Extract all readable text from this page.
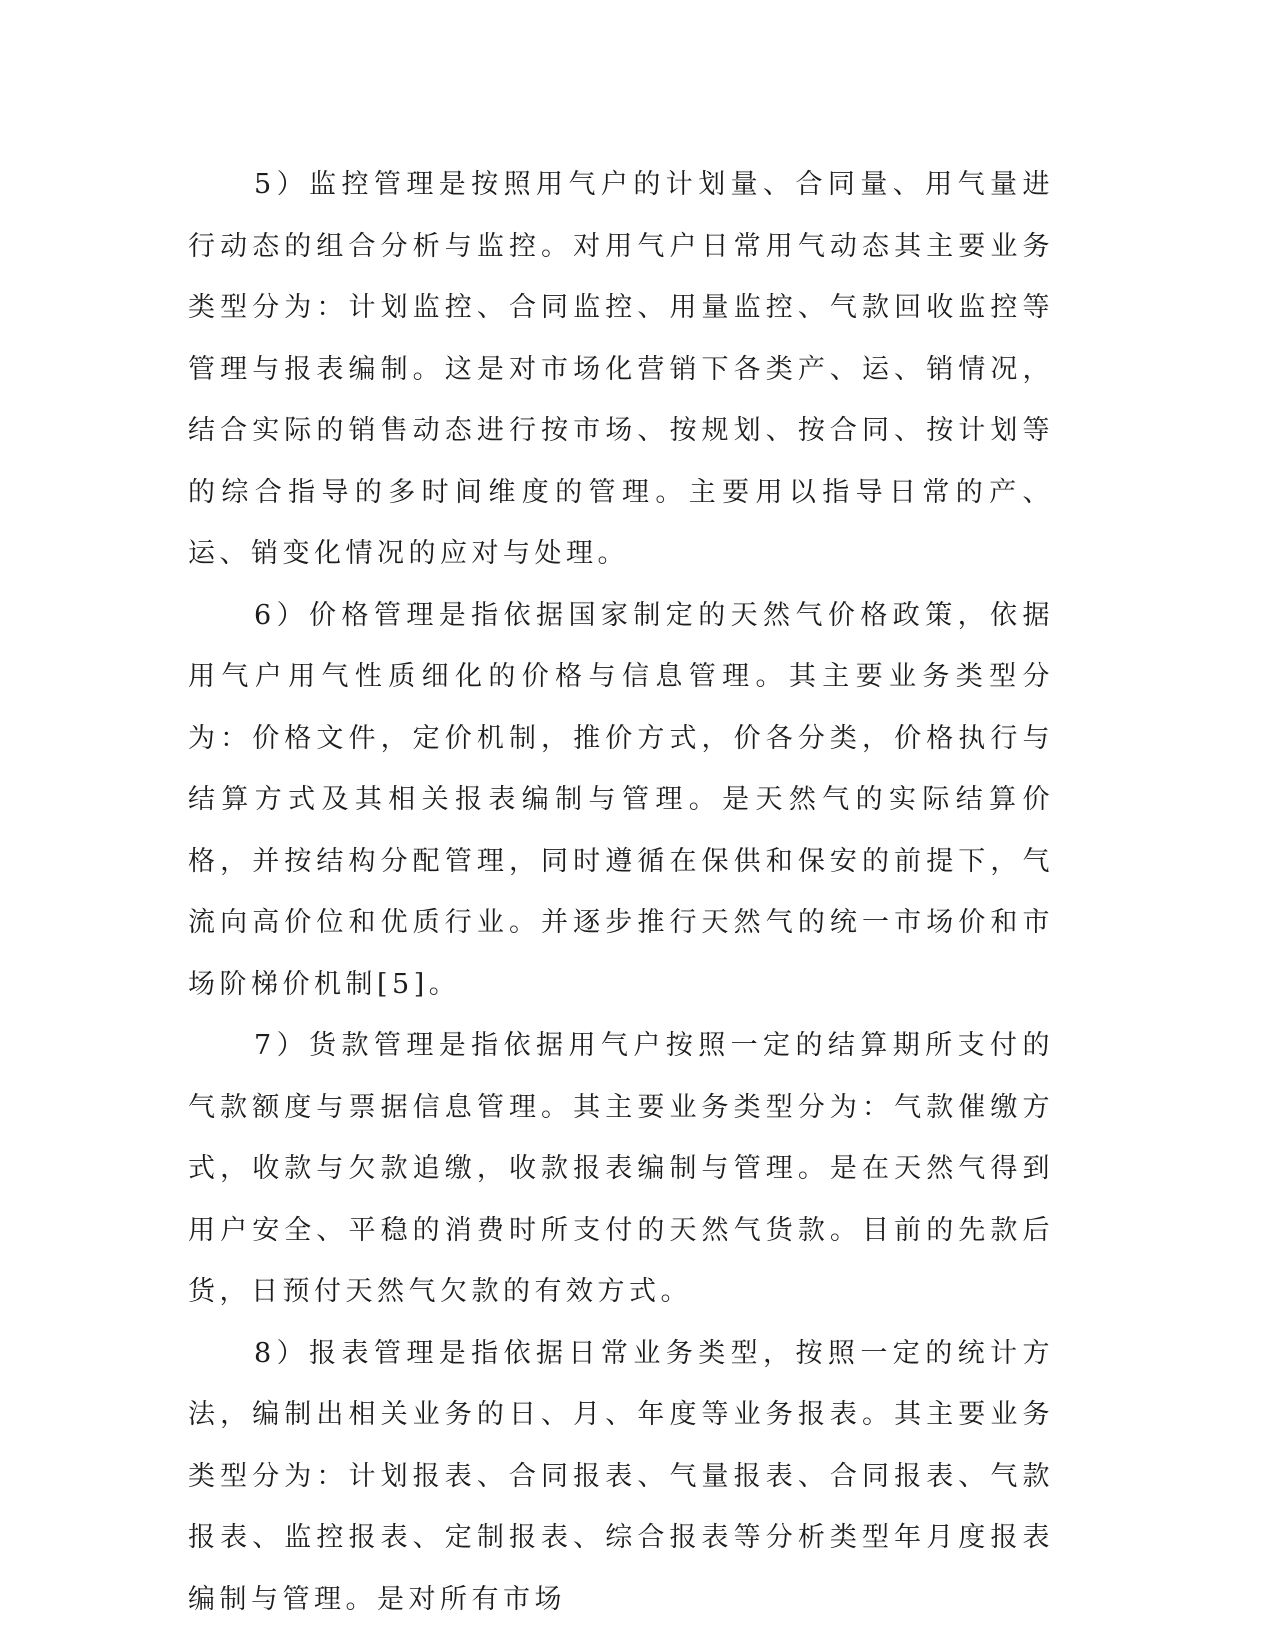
5）监控管理是按照用气户的计划量、合同量、用气量进行动态的组合分析与监控。对用气户日常用气动态其主要业务类型分为：计划监控、合同监控、用量监控、气款回收监控等管理与报表编制。这是对市场化营销下各类产、运、销情况，结合实际的销售动态进行按市场、按规划、按合同、按计划等的综合指导的多时间维度的管理。主要用以指导日常的产、运、销变化情况的应对与处理。

6）价格管理是指依据国家制定的天然气价格政策，依据用气户用气性质细化的价格与信息管理。其主要业务类型分为：价格文件，定价机制，推价方式，价各分类，价格执行与结算方式及其相关报表编制与管理。是天然气的实际结算价格，并按结构分配管理，同时遵循在保供和保安的前提下，气流向高价位和优质行业。并逐步推行天然气的统一市场价和市场阶梯价机制[5]。

7）货款管理是指依据用气户按照一定的结算期所支付的气款额度与票据信息管理。其主要业务类型分为：气款催缴方式，收款与欠款追缴，收款报表编制与管理。是在天然气得到用户安全、平稳的消费时所支付的天然气货款。目前的先款后货，日预付天然气欠款的有效方式。

8）报表管理是指依据日常业务类型，按照一定的统计方法，编制出相关业务的日、月、年度等业务报表。其主要业务类型分为：计划报表、合同报表、气量报表、合同报表、气款报表、监控报表、定制报表、综合报表等分析类型年月度报表编制与管理。是对所有市场
